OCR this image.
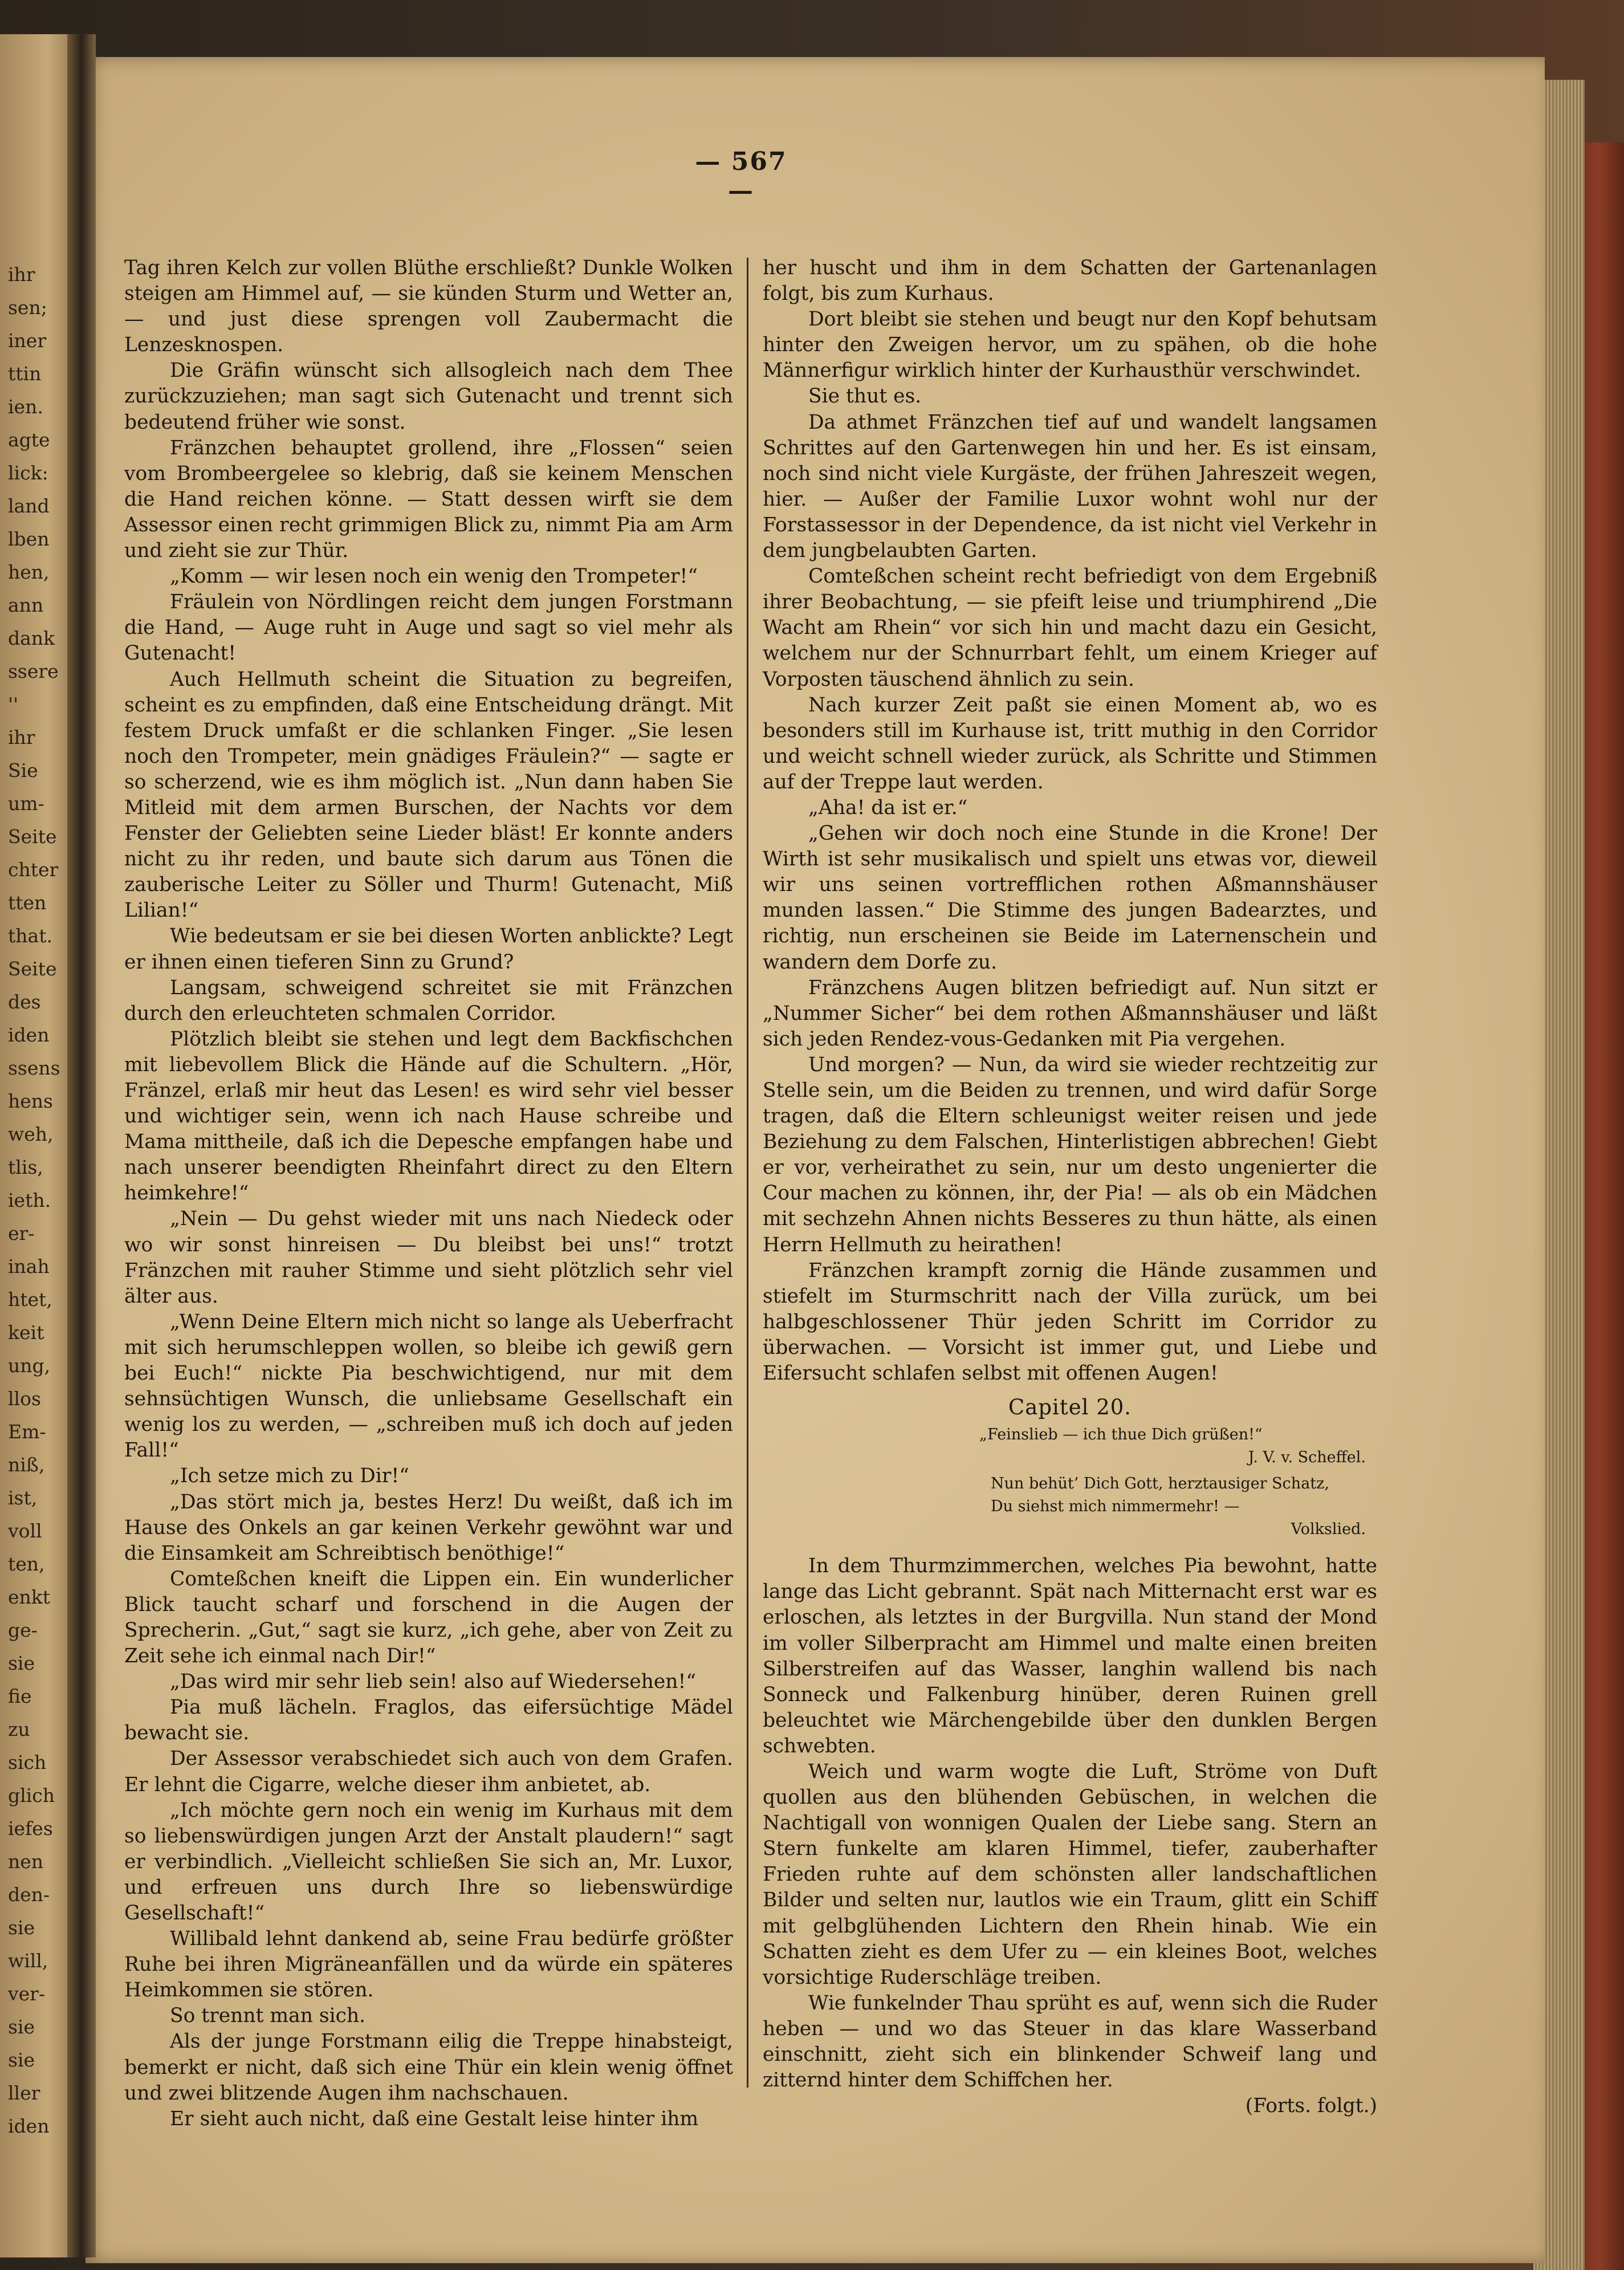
ihr
sen;
iner
ttin
ien.
agte
lick:
land
lben
hen,
ann
dank
ssere
''
ihr
Sie
um-
Seite
chter
tten
that.
Seite
des
iden
ssens
hens
weh,
tlis,
ieth.
er-
inah
htet,
keit
ung,
llos
Em-
niß,
ist,
voll
ten,
enkt
ge-
sie
fie
zu
sich
glich
iefes
nen
den-
sie
will,
ver-
sie
sie
ller
iden
— 567 —

Tag ihren Kelch zur vollen Blüthe erschließt? Dunkle Wolken steigen am Himmel auf, — sie künden Sturm und Wetter an, — und just diese sprengen voll Zaubermacht die Lenzesknospen.

Die Gräfin wünscht sich allsogleich nach dem Thee zurückzuziehen; man sagt sich Gutenacht und trennt sich bedeutend früher wie sonst.

Fränzchen behauptet grollend, ihre „Flossen“ seien vom Brombeergelee so klebrig, daß sie keinem Menschen die Hand reichen könne. — Statt dessen wirft sie dem Assessor einen recht grimmigen Blick zu, nimmt Pia am Arm und zieht sie zur Thür.

„Komm — wir lesen noch ein wenig den Trompeter!“

Fräulein von Nördlingen reicht dem jungen Forstmann die Hand, — Auge ruht in Auge und sagt so viel mehr als Gutenacht!

Auch Hellmuth scheint die Situation zu begreifen, scheint es zu empfinden, daß eine Entscheidung drängt. Mit festem Druck umfaßt er die schlanken Finger. „Sie lesen noch den Trompeter, mein gnädiges Fräulein?“ — sagte er so scherzend, wie es ihm möglich ist. „Nun dann haben Sie Mitleid mit dem armen Burschen, der Nachts vor dem Fenster der Geliebten seine Lieder bläst! Er konnte anders nicht zu ihr reden, und baute sich darum aus Tönen die zauberische Leiter zu Söller und Thurm! Gutenacht, Miß Lilian!“

Wie bedeutsam er sie bei diesen Worten anblickte? Legt er ihnen einen tieferen Sinn zu Grund?

Langsam, schweigend schreitet sie mit Fränzchen durch den erleuchteten schmalen Corridor.

Plötzlich bleibt sie stehen und legt dem Backfischchen mit liebevollem Blick die Hände auf die Schultern. „Hör, Fränzel, erlaß mir heut das Lesen! es wird sehr viel besser und wichtiger sein, wenn ich nach Hause schreibe und Mama mittheile, daß ich die Depesche empfangen habe und nach unserer beendigten Rheinfahrt direct zu den Eltern heimkehre!“

„Nein — Du gehst wieder mit uns nach Niedeck oder wo wir sonst hinreisen — Du bleibst bei uns!“ trotzt Fränzchen mit rauher Stimme und sieht plötzlich sehr viel älter aus.

„Wenn Deine Eltern mich nicht so lange als Ueberfracht mit sich herumschleppen wollen, so bleibe ich gewiß gern bei Euch!“ nickte Pia beschwichtigend, nur mit dem sehnsüchtigen Wunsch, die unliebsame Gesellschaft ein wenig los zu werden, — „schreiben muß ich doch auf jeden Fall!“

„Ich setze mich zu Dir!“

„Das stört mich ja, bestes Herz! Du weißt, daß ich im Hause des Onkels an gar keinen Verkehr gewöhnt war und die Einsamkeit am Schreibtisch benöthige!“

Comteßchen kneift die Lippen ein. Ein wunderlicher Blick taucht scharf und forschend in die Augen der Sprecherin. „Gut,“ sagt sie kurz, „ich gehe, aber von Zeit zu Zeit sehe ich einmal nach Dir!“

„Das wird mir sehr lieb sein! also auf Wiedersehen!“

Pia muß lächeln. Fraglos, das eifersüchtige Mädel bewacht sie.

Der Assessor verabschiedet sich auch von dem Grafen. Er lehnt die Cigarre, welche dieser ihm anbietet, ab.

„Ich möchte gern noch ein wenig im Kurhaus mit dem so liebenswürdigen jungen Arzt der Anstalt plaudern!“ sagt er verbindlich. „Vielleicht schließen Sie sich an, Mr. Luxor, und erfreuen uns durch Ihre so liebenswürdige Gesellschaft!“

Willibald lehnt dankend ab, seine Frau bedürfe größter Ruhe bei ihren Migräneanfällen und da würde ein späteres Heimkommen sie stören.

So trennt man sich.

Als der junge Forstmann eilig die Treppe hinabsteigt, bemerkt er nicht, daß sich eine Thür ein klein wenig öffnet und zwei blitzende Augen ihm nachschauen.

Er sieht auch nicht, daß eine Gestalt leise hinter ihm

her huscht und ihm in dem Schatten der Gartenanlagen folgt, bis zum Kurhaus.

Dort bleibt sie stehen und beugt nur den Kopf behutsam hinter den Zweigen hervor, um zu spähen, ob die hohe Männerfigur wirklich hinter der Kurhausthür verschwindet.

Sie thut es.

Da athmet Fränzchen tief auf und wandelt langsamen Schrittes auf den Gartenwegen hin und her. Es ist einsam, noch sind nicht viele Kurgäste, der frühen Jahreszeit wegen, hier. — Außer der Familie Luxor wohnt wohl nur der Forstassessor in der Dependence, da ist nicht viel Verkehr in dem jungbelaubten Garten.

Comteßchen scheint recht befriedigt von dem Ergebniß ihrer Beobachtung, — sie pfeift leise und triumphirend „Die Wacht am Rhein“ vor sich hin und macht dazu ein Gesicht, welchem nur der Schnurrbart fehlt, um einem Krieger auf Vorposten täuschend ähnlich zu sein.

Nach kurzer Zeit paßt sie einen Moment ab, wo es besonders still im Kurhause ist, tritt muthig in den Corridor und weicht schnell wieder zurück, als Schritte und Stimmen auf der Treppe laut werden.

„Aha! da ist er.“

„Gehen wir doch noch eine Stunde in die Krone! Der Wirth ist sehr musikalisch und spielt uns etwas vor, dieweil wir uns seinen vortrefflichen rothen Aßmannshäuser munden lassen.“ Die Stimme des jungen Badearztes, und richtig, nun erscheinen sie Beide im Laternenschein und wandern dem Dorfe zu.

Fränzchens Augen blitzen befriedigt auf. Nun sitzt er „Nummer Sicher“ bei dem rothen Aßmannshäuser und läßt sich jeden Rendez-vous-Gedanken mit Pia vergehen.

Und morgen? — Nun, da wird sie wieder rechtzeitig zur Stelle sein, um die Beiden zu trennen, und wird dafür Sorge tragen, daß die Eltern schleunigst weiter reisen und jede Beziehung zu dem Falschen, Hinterlistigen abbrechen! Giebt er vor, verheirathet zu sein, nur um desto ungenierter die Cour machen zu können, ihr, der Pia! — als ob ein Mädchen mit sechzehn Ahnen nichts Besseres zu thun hätte, als einen Herrn Hellmuth zu heirathen!

Fränzchen krampft zornig die Hände zusammen und stiefelt im Sturmschritt nach der Villa zurück, um bei halbgeschlossener Thür jeden Schritt im Corridor zu überwachen. — Vorsicht ist immer gut, und Liebe und Eifersucht schlafen selbst mit offenen Augen!

Capitel 20.
„Feinslieb — ich thue Dich grüßen!“
J. V. v. Scheffel.
Nun behüt’ Dich Gott, herztausiger Schatz,
Du siehst mich nimmermehr! —
Volkslied.

In dem Thurmzimmerchen, welches Pia bewohnt, hatte lange das Licht gebrannt. Spät nach Mitternacht erst war es erloschen, als letztes in der Burgvilla. Nun stand der Mond im voller Silberpracht am Himmel und malte einen breiten Silberstreifen auf das Wasser, langhin wallend bis nach Sonneck und Falkenburg hinüber, deren Ruinen grell beleuchtet wie Märchengebilde über den dunklen Bergen schwebten.

Weich und warm wogte die Luft, Ströme von Duft quollen aus den blühenden Gebüschen, in welchen die Nachtigall von wonnigen Qualen der Liebe sang. Stern an Stern funkelte am klaren Himmel, tiefer, zauberhafter Frieden ruhte auf dem schönsten aller landschaftlichen Bilder und selten nur, lautlos wie ein Traum, glitt ein Schiff mit gelbglühenden Lichtern den Rhein hinab. Wie ein Schatten zieht es dem Ufer zu — ein kleines Boot, welches vorsichtige Ruderschläge treiben.

Wie funkelnder Thau sprüht es auf, wenn sich die Ruder heben — und wo das Steuer in das klare Wasserband einschnitt, zieht sich ein blinkender Schweif lang und zitternd hinter dem Schiffchen her.

(Forts. folgt.)
